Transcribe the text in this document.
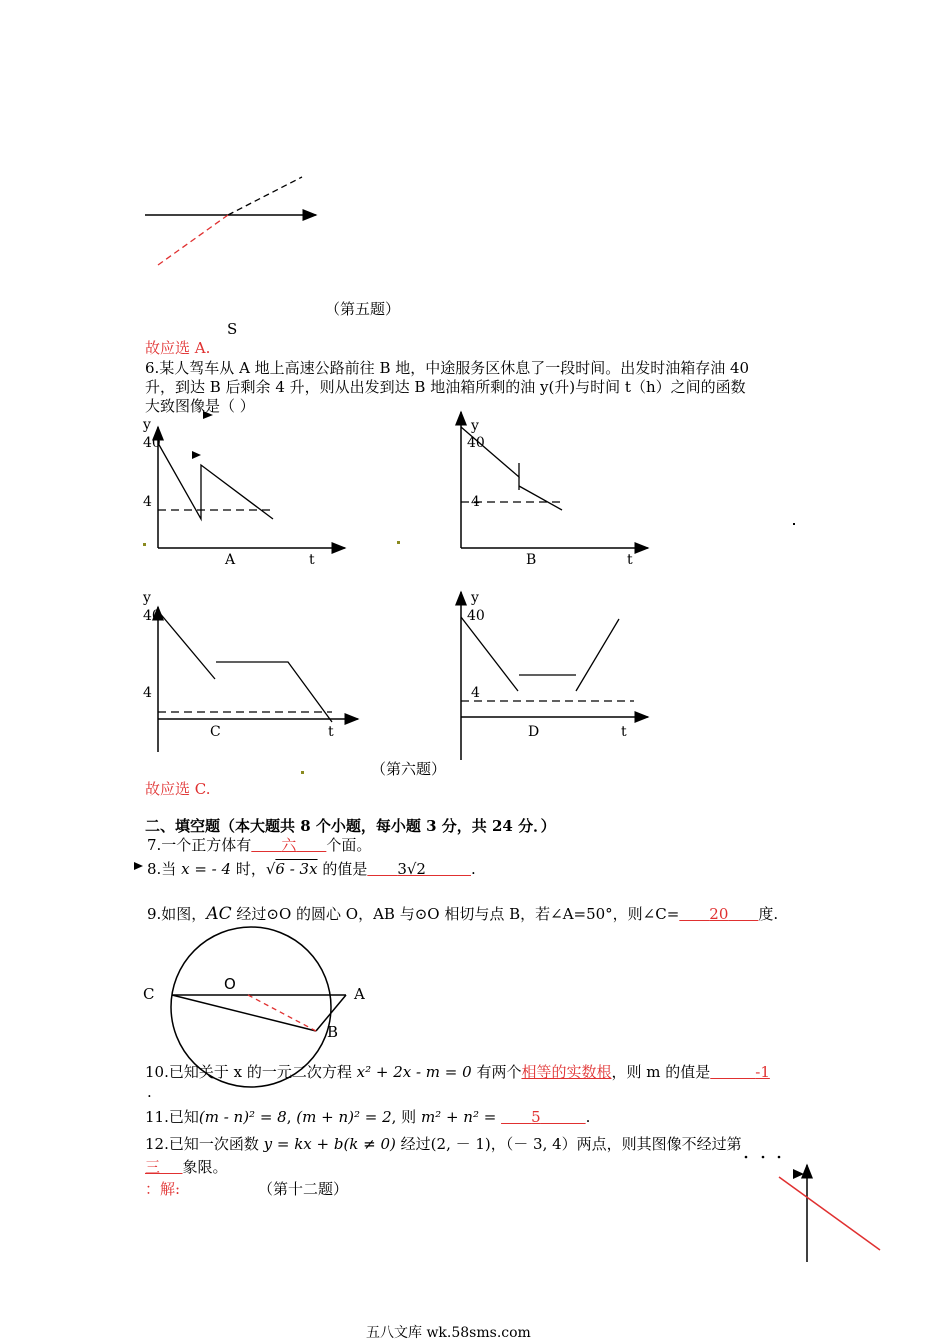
（第五题）
S
故应选 A.
6.某人驾车从 A 地上高速公路前往 B 地，中途服务区休息了一段时间。出发时油箱存油 40
升，到达 B 后剩余 4 升，则从出发到达 B 地油箱所剩的油 y(升)与时间 t（h）之间的函数
大致图像是（ ）
y
40
4
A	t
y
40
4
B	t
y
40
4
C	t
y
40
4
D	t
（第六题）
故应选 C.
二、填空题（本大题共 8 个小题，每小题 3 分，共 24 分．）
7.一个正方体有   六   个面。
8.当 x = - 4 时，√6 - 3x 的值是   3√2   	.
9.如图，AC 经过⊙O 的圆心 O，AB 与⊙O 相切与点 B，若∠A=50°，则∠C=   20   度.
C
O
A
B
10.已知关于 x 的一元二次方程 x² + 2x - m = 0 有两个相等的实数根，则 m 的值是   	-1
.
11.已知(m - n)² = 8, (m + n)² = 2, 则 m² + n² =   5   	.
12.已知一次函数 y = kx + b(k ≠ 0) 经过(2, － 1)，（－ 3, 4）两点，则其图像不经过第
三   象限。
：解:	（第十二题）
五八文库 wk.58sms.com
